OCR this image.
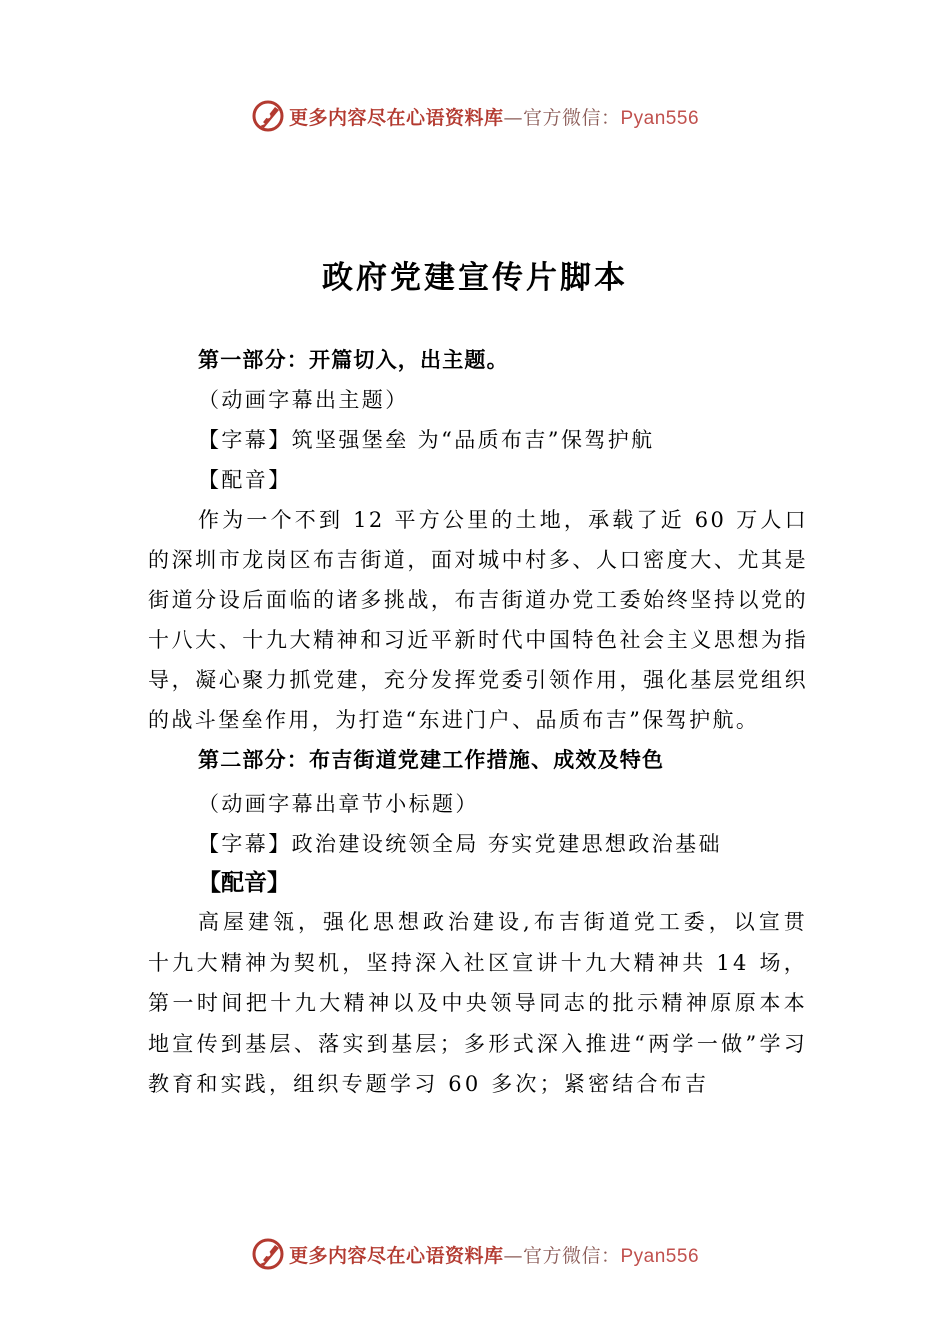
更多内容尽在心语资料库—官方微信：Pyan556
政府党建宣传片脚本
第一部分：开篇切入，出主题。
（动画字幕出主题）
【字幕】筑坚强堡垒 为“品质布吉”保驾护航
【配音】

作为一个不到 12 平方公里的土地，承载了近 60 万人口的深圳市龙岗区布吉街道，面对城中村多、人口密度大、尤其是街道分设后面临的诸多挑战，布吉街道办党工委始终坚持以党的十八大、十九大精神和习近平新时代中国特色社会主义思想为指导，凝心聚力抓党建，充分发挥党委引领作用，强化基层党组织的战斗堡垒作用，为打造“东进门户、品质布吉”保驾护航。

第二部分：布吉街道党建工作措施、成效及特色
（动画字幕出章节小标题）
【字幕】政治建设统领全局 夯实党建思想政治基础
【配音】

高屋建瓴，强化思想政治建设,布吉街道党工委，以宣贯十九大精神为契机，坚持深入社区宣讲十九大精神共 14 场，第一时间把十九大精神以及中央领导同志的批示精神原原本本地宣传到基层、落实到基层；多形式深入推进“两学一做”学习教育和实践，组织专题学习 60 多次；紧密结合布吉

更多内容尽在心语资料库—官方微信：Pyan556
